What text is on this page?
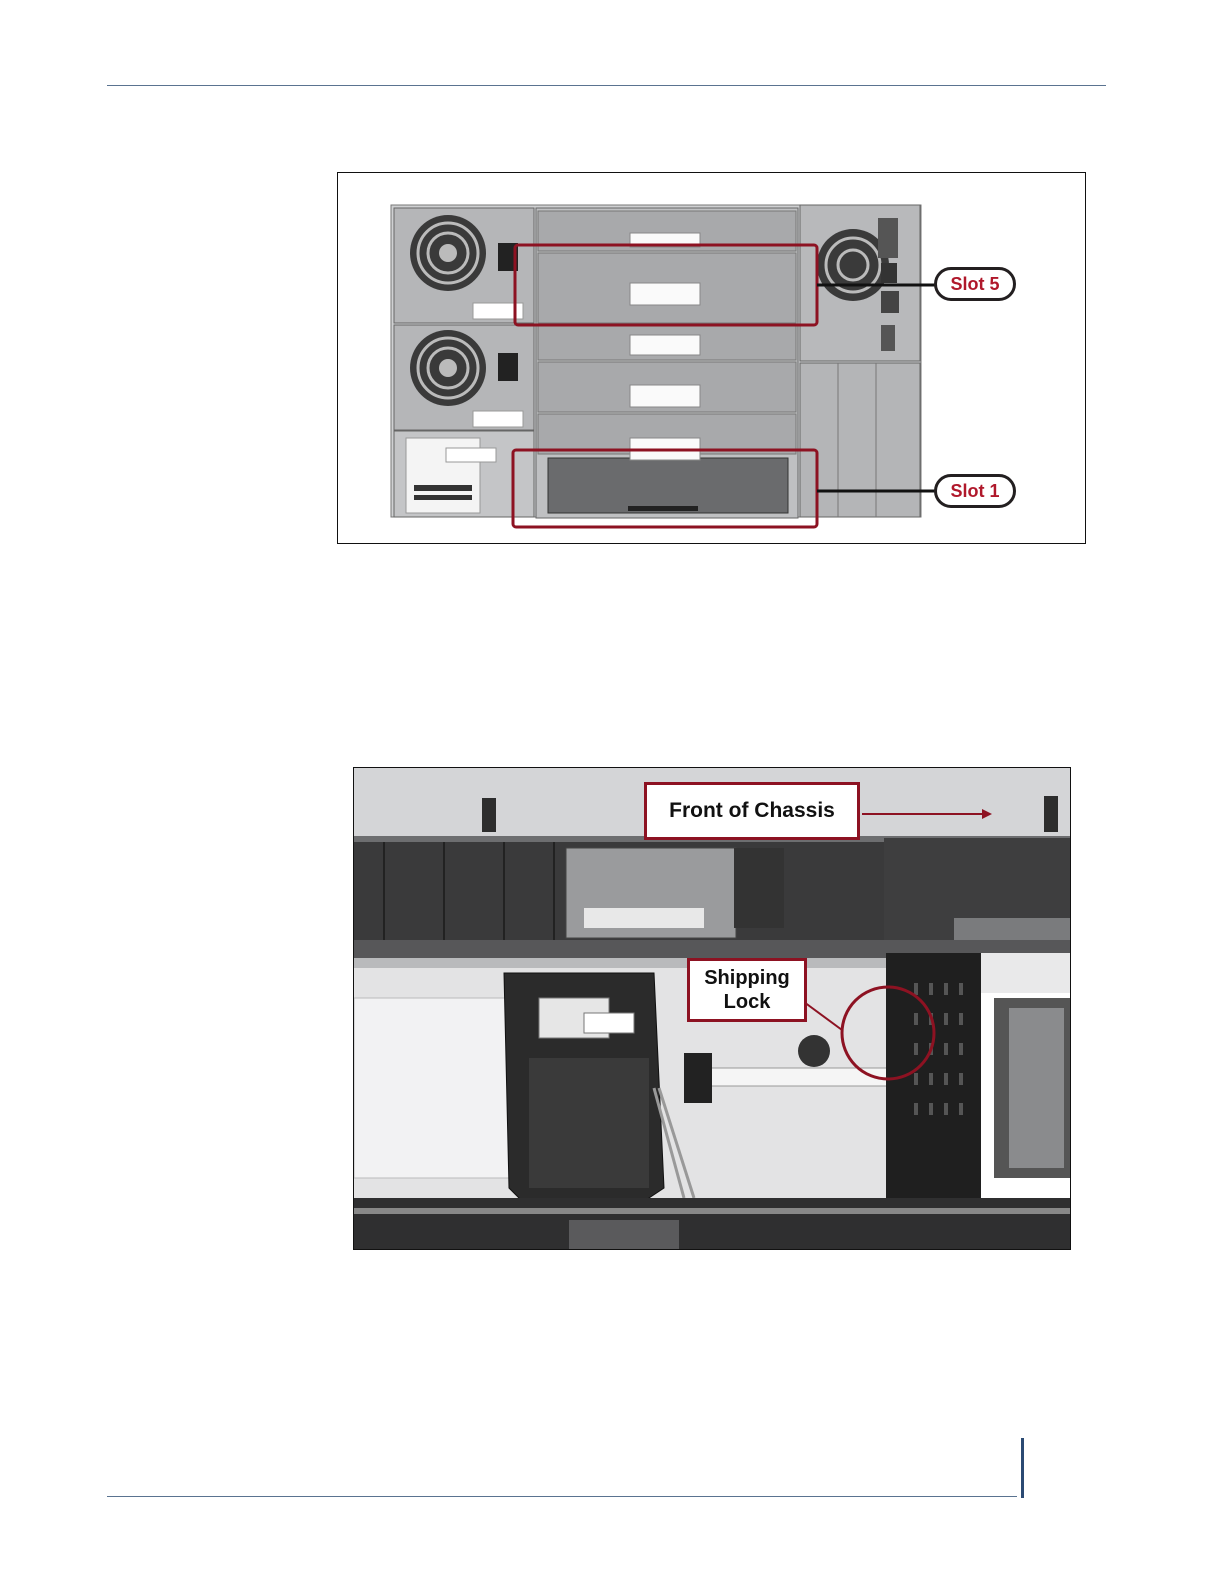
Slot 5
Slot 1
Front of Chassis
Shipping
Lock
